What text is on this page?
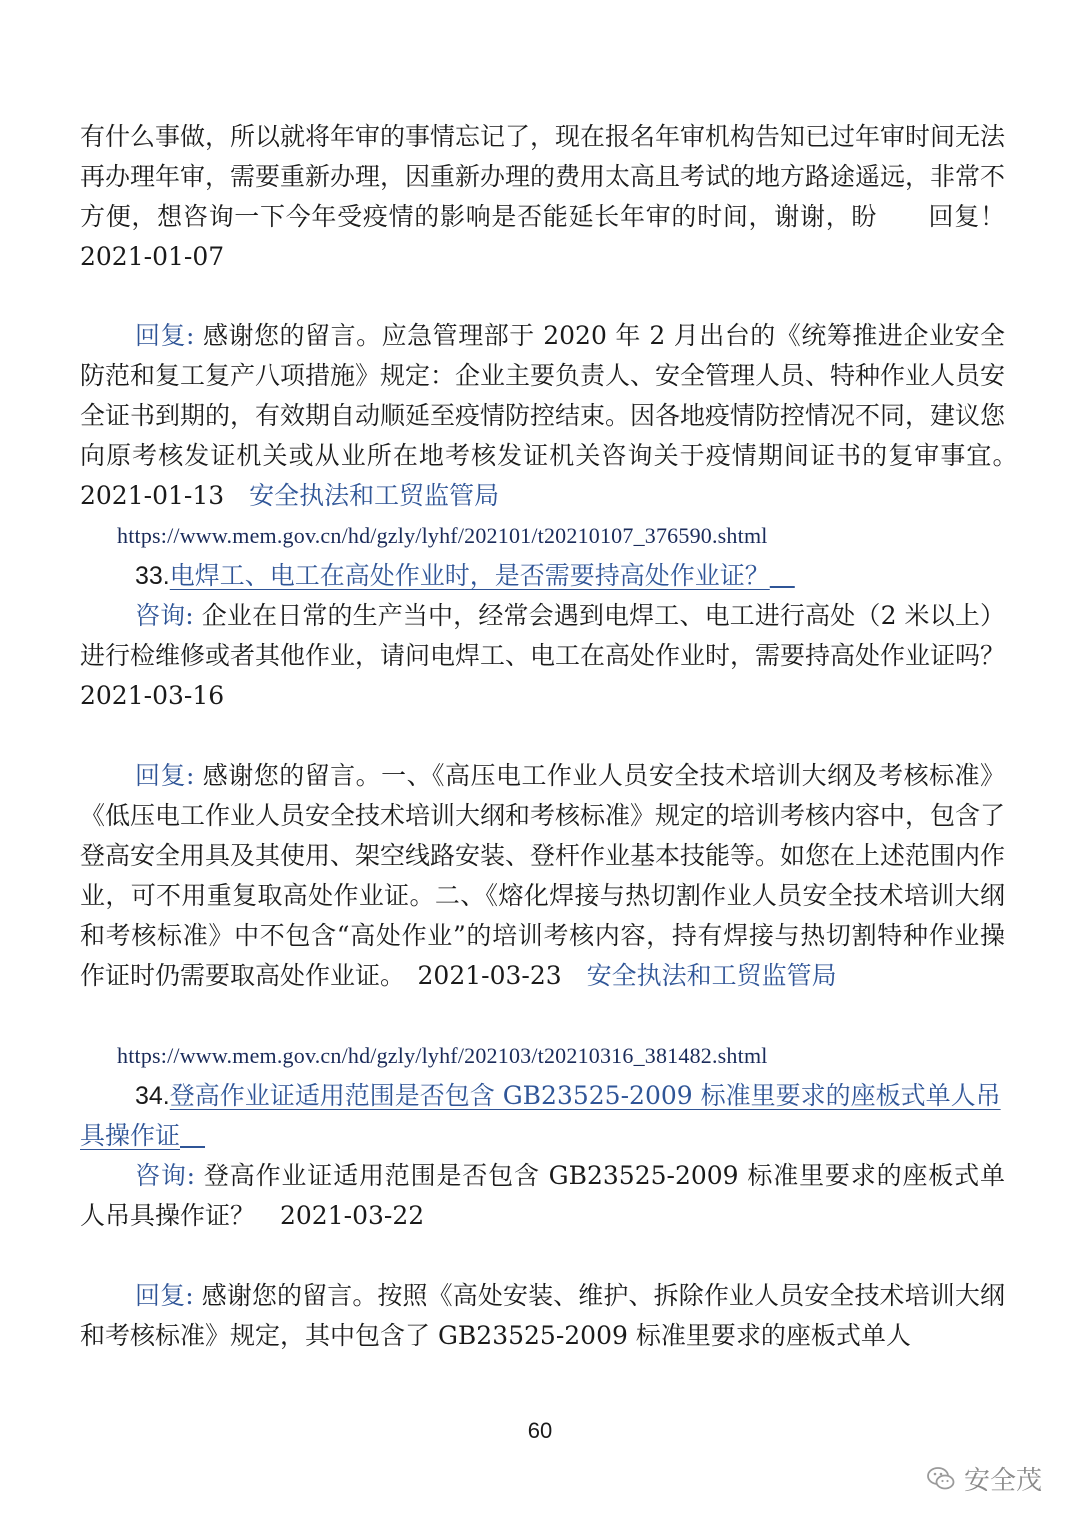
有什么事做，所以就将年审的事情忘记了，现在报名年审机构告知已过年审时间无法再办理年审，需要重新办理，因重新办理的费用太高且考试的地方路途遥远，非常不方便，想咨询一下今年受疫情的影响是否能延长年审的时间，谢谢，盼　　回复！　2021-01-07

回复: 感谢您的留言。应急管理部于 2020 年 2 月出台的《统筹推进企业安全防范和复工复产八项措施》规定：企业主要负责人、安全管理人员、特种作业人员安全证书到期的，有效期自动顺延至疫情防控结束。因各地疫情防控情况不同，建议您向原考核发证机关或从业所在地考核发证机关咨询关于疫情期间证书的复审事宜。　2021-01-13　安全执法和工贸监管局

https://www.mem.gov.cn/hd/gzly/lyhf/202101/t20210107_376590.shtml
33.电焊工、电工在高处作业时，是否需要持高处作业证？ 

咨询: 企业在日常的生产当中，经常会遇到电焊工、电工进行高处（2 米以上）进行检维修或者其他作业，请问电焊工、电工在高处作业时，需要持高处作业证吗？　2021-03-16

回复: 感谢您的留言。一、《高压电工作业人员安全技术培训大纲及考核标准》《低压电工作业人员安全技术培训大纲和考核标准》规定的培训考核内容中，包含了登高安全用具及其使用、架空线路安装、登杆作业基本技能等。如您在上述范围内作业，可不用重复取高处作业证。二、《熔化焊接与热切割作业人员安全技术培训大纲和考核标准》中不包含“高处作业”的培训考核内容，持有焊接与热切割特种作业操作证时仍需要取高处作业证。　2021-03-23　安全执法和工贸监管局

https://www.mem.gov.cn/hd/gzly/lyhf/202103/t20210316_381482.shtml
34.登高作业证适用范围是否包含 GB23525-2009 标准里要求的座板式单人吊具操作证 

咨询: 登高作业证适用范围是否包含 GB23525-2009 标准里要求的座板式单人吊具操作证？　2021-03-22

回复: 感谢您的留言。按照《高处安装、维护、拆除作业人员安全技术培训大纲和考核标准》规定，其中包含了 GB23525-2009 标准里要求的座板式单人

60
安全茂
